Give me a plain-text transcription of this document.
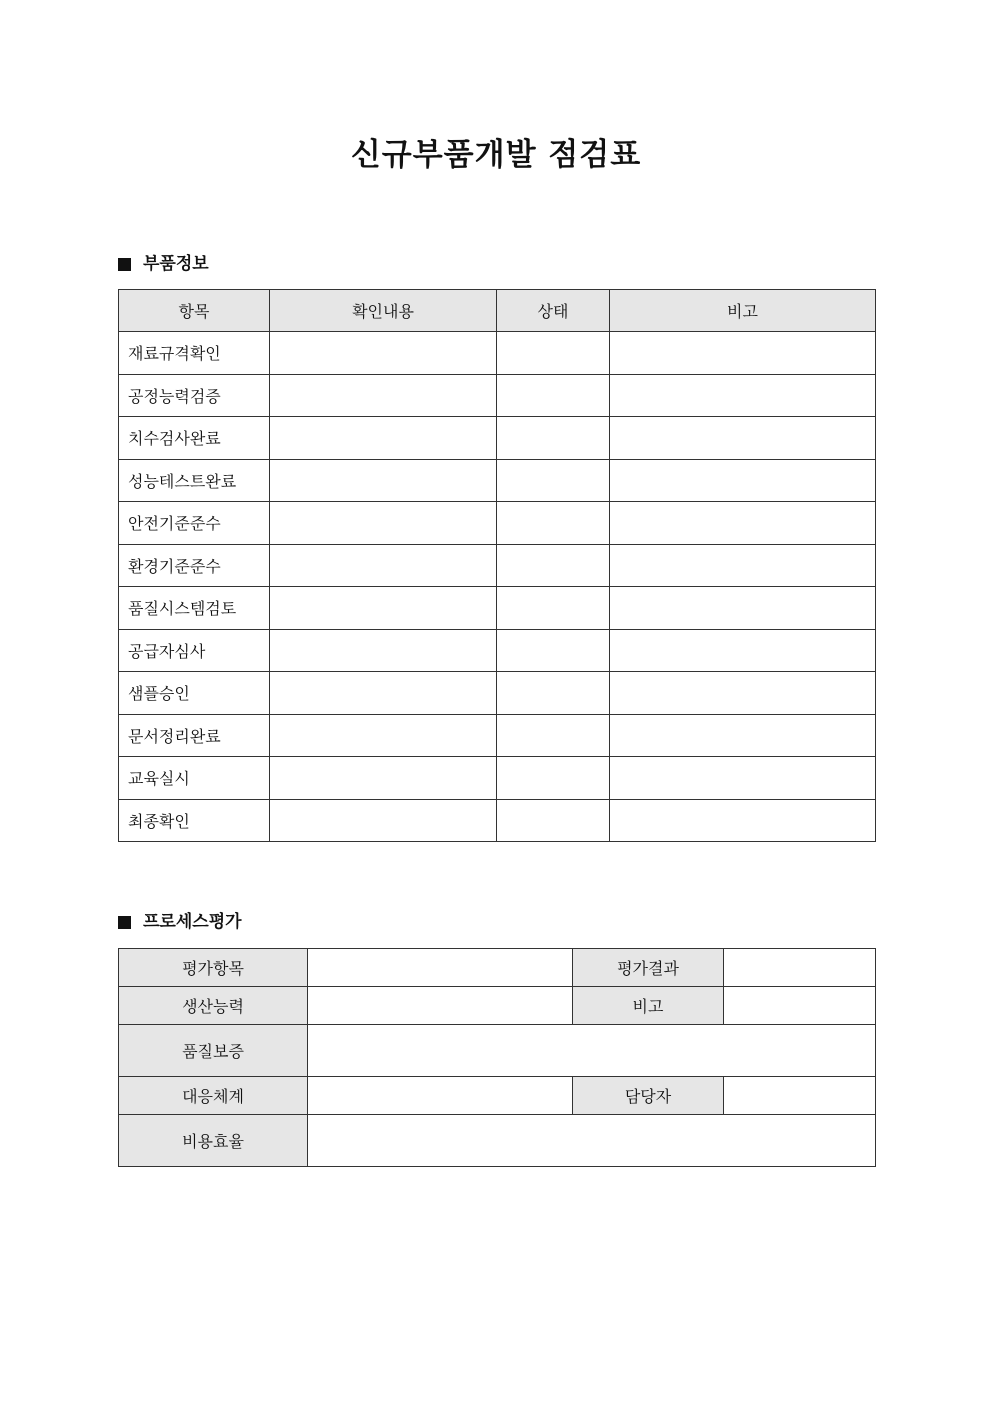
신규부품개발 점검표
부품정보
항목	확인내용	상태	비고
재료규격확인			
공정능력검증			
치수검사완료			
성능테스트완료			
안전기준준수			
환경기준준수			
품질시스템검토			
공급자심사			
샘플승인			
문서정리완료			
교육실시			
최종확인			
프로세스평가
평가항목		평가결과	
생산능력		비고	
품질보증			
대응체계		담당자	
비용효율			
